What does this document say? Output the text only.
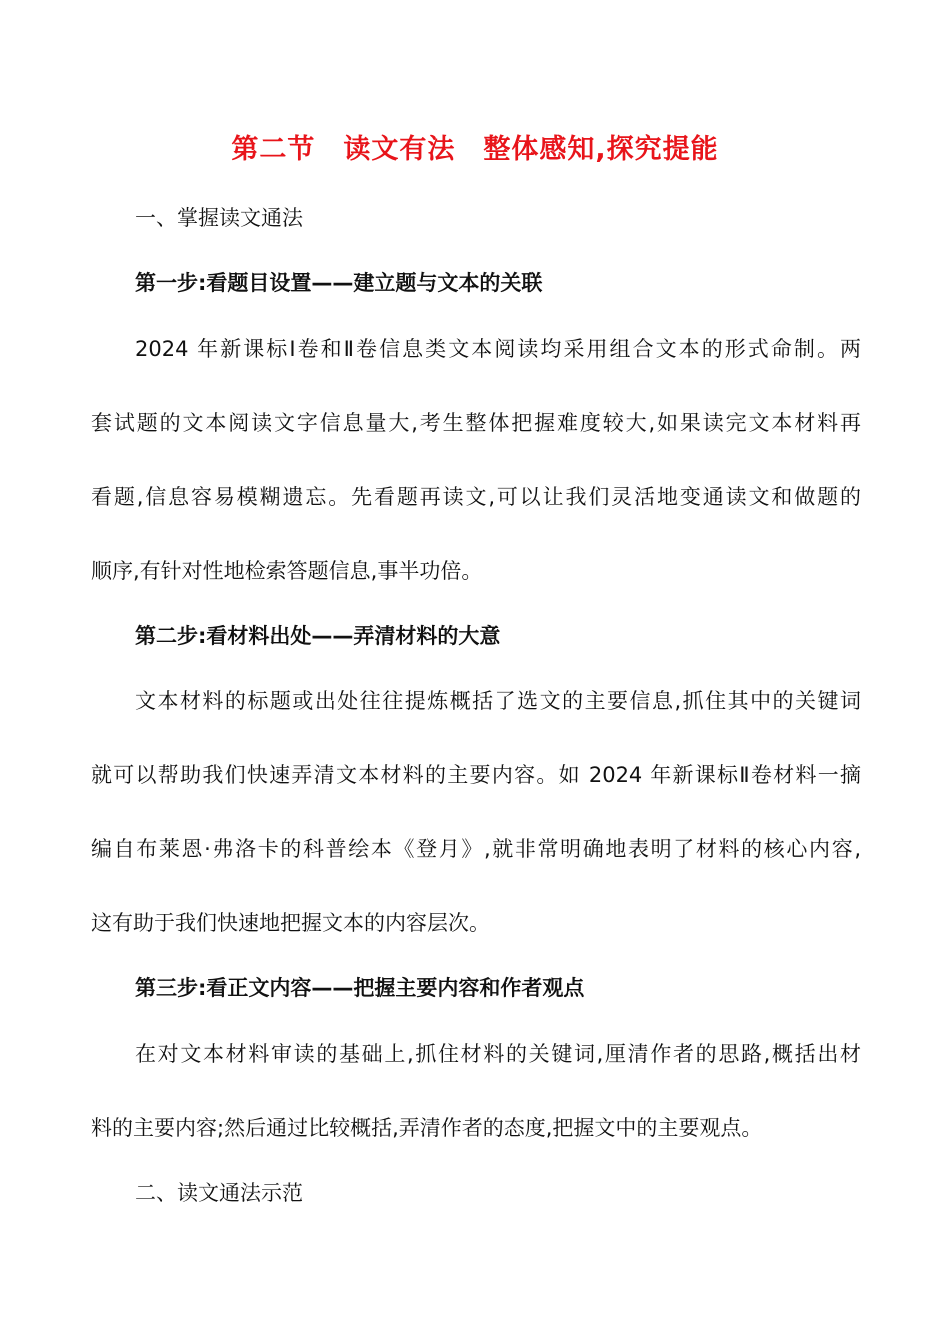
第二节　读文有法　整体感知,探究提能
一、掌握读文通法
第一步:看题目设置——建立题与文本的关联
2024 年新课标Ⅰ卷和Ⅱ卷信息类文本阅读均采用组合文本的形式命制。两
套试题的文本阅读文字信息量大,考生整体把握难度较大,如果读完文本材料再
看题,信息容易模糊遗忘。先看题再读文,可以让我们灵活地变通读文和做题的
顺序,有针对性地检索答题信息,事半功倍。
第二步:看材料出处——弄清材料的大意
文本材料的标题或出处往往提炼概括了选文的主要信息,抓住其中的关键词
就可以帮助我们快速弄清文本材料的主要内容。如 2024 年新课标Ⅱ卷材料一摘
编自布莱恩·弗洛卡的科普绘本《登月》,就非常明确地表明了材料的核心内容,
这有助于我们快速地把握文本的内容层次。
第三步:看正文内容——把握主要内容和作者观点
在对文本材料审读的基础上,抓住材料的关键词,厘清作者的思路,概括出材
料的主要内容;然后通过比较概括,弄清作者的态度,把握文中的主要观点。
二、读文通法示范
